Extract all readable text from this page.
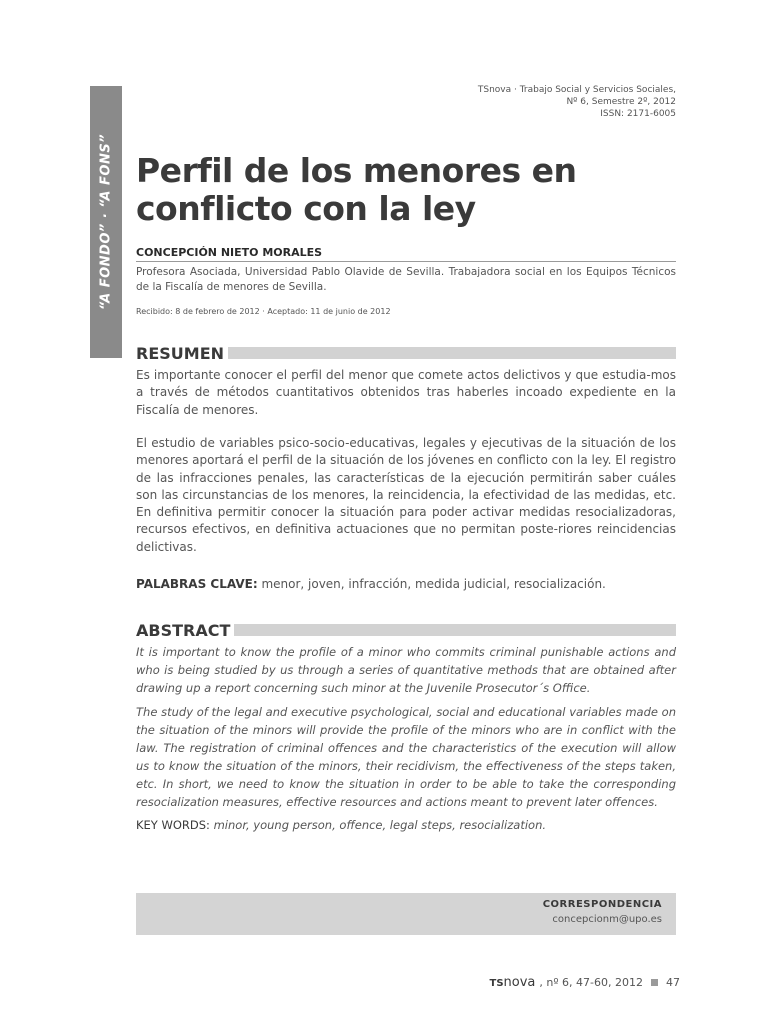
“A FONDO” · “A FONS”
TSnova · Trabajo Social y Servicios Sociales,
Nº 6, Semestre 2º, 2012
ISSN: 2171-6005
Perfil de los menores en conflicto con la ley
CONCEPCIÓN NIETO MORALES
Profesora Asociada, Universidad Pablo Olavide de Sevilla. Trabajadora social en los Equipos Técnicos de la Fiscalía de menores de Sevilla.
Recibido: 8 de febrero de 2012 · Aceptado: 11 de junio de 2012
RESUMEN

Es importante conocer el perfil del menor que comete actos delictivos y que estudia-mos a través de métodos cuantitativos obtenidos tras haberles incoado expediente en la Fiscalía de menores.

El estudio de variables psico-socio-educativas, legales y ejecutivas de la situación de los menores aportará el perfil de la situación de los jóvenes en conflicto con la ley. El registro de las infracciones penales, las características de la ejecución permitirán saber cuáles son las circunstancias de los menores, la reincidencia, la efectividad de las medidas, etc. En definitiva permitir conocer la situación para poder activar medidas resocializadoras, recursos efectivos, en definitiva actuaciones que no permitan poste-riores reincidencias delictivas.

PALABRAS CLAVE: menor, joven, infracción, medida judicial, resocialización.

ABSTRACT

It is important to know the profile of a minor who commits criminal punishable actions and who is being studied by us through a series of quantitative methods that are obtained after drawing up a report concerning such minor at the Juvenile Prosecutor´s Office.

The study of the legal and executive psychological, social and educational variables made on the situation of the minors will provide the profile of the minors who are in conflict with the law. The registration of criminal offences and the characteristics of the execution will allow us to know the situation of the minors, their recidivism, the effectiveness of the steps taken, etc. In short, we need to know the situation in order to be able to take the corresponding resocialization measures, effective resources and actions meant to prevent later offences.

KEY WORDS: minor, young person, offence, legal steps, resocialization.

CORRESPONDENCIA
concepcionm@upo.es
TSnova , nº 6, 47-60, 2012 47
